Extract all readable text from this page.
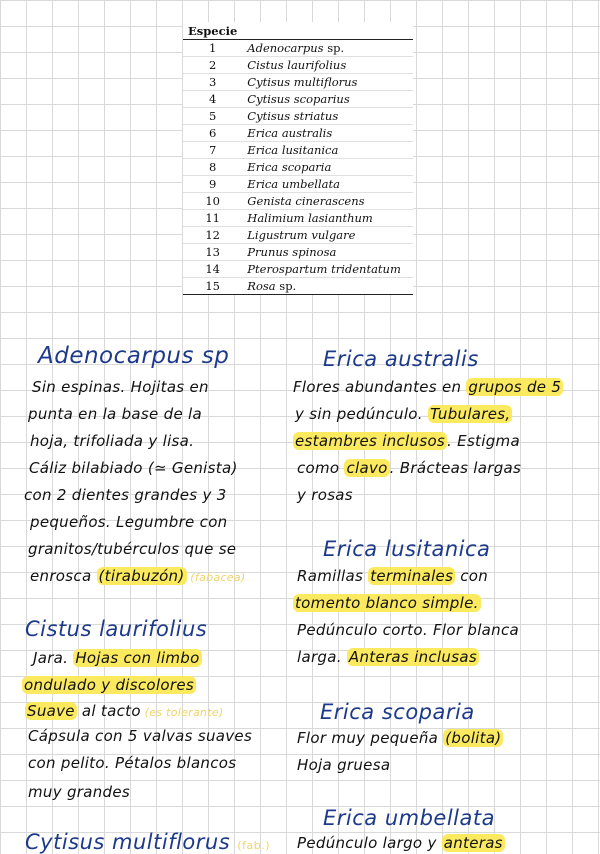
Especie	
1	Adenocarpus sp.
2	Cistus laurifolius
3	Cytisus multiflorus
4	Cytisus scoparius
5	Cytisus striatus
6	Erica australis
7	Erica lusitanica
8	Erica scoparia
9	Erica umbellata
10	Genista cinerascens
11	Halimium lasianthum
12	Ligustrum vulgare
13	Prunus spinosa
14	Pterospartum tridentatum
15	Rosa sp.
Adenocarpus sp
Sin espinas. Hojitas en
punta en la base de la
hoja, trifoliada y lisa.
Cáliz bilabiado (≃ Genista)
con 2 dientes grandes y 3
pequeños. Legumbre con
granitos/tubérculos que se
enrosca (tirabuzón) (fabacea)
Cistus laurifolius
Jara. Hojas con limbo
ondulado y discolores
Suave al tacto (es tolerante)
Cápsula con 5 valvas suaves
con pelito. Pétalos blancos
muy grandes
Cytisus multiflorus (fab.)
Erica australis
Flores abundantes en grupos de 5
y sin pedúnculo. Tubulares,
estambres inclusos . Estigma
como clavo . Brácteas largas
y rosas
Erica lusitanica
Ramillas terminales con
tomento blanco simple.
Pedúnculo corto. Flor blanca
larga. Anteras inclusas
Erica scoparia
Flor muy pequeña (bolita)
Hoja gruesa
Erica umbellata
Pedúnculo largo y anteras
